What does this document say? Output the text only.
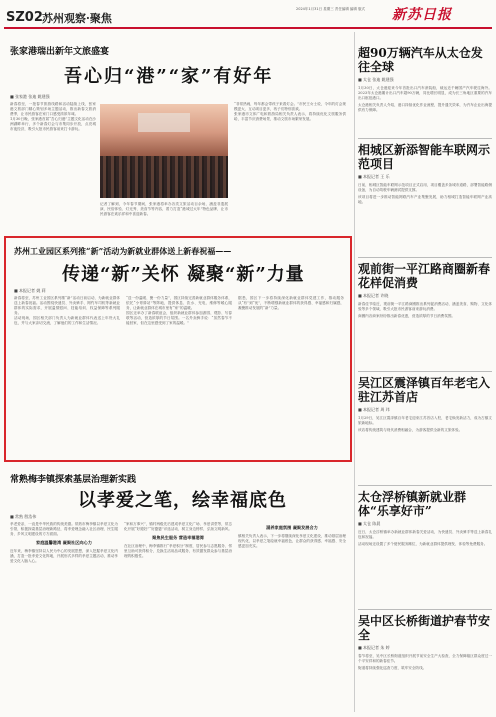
SZ02 苏州观察·聚焦
2024年1月31日 星期三 责任编辑 编辑 版式	新苏日报

张家港瑞出新年文旅盛宴

吾心归“港”“家”有好年

■ 张家港 张迪 姚建强

新春将至，一批春节旅游线路和活动陆续上线，张家港文旅部门精心策划多场主题活动，推出新春文旅消费季，让市民游客在家门口感受浓浓年味。

1月30日晚，张家港首届“吾心归港”主题文化活动在沙洲湖畔举行，多个新春灯会与市集同步开放，点亮城市夜经济，吸引大批市民游客前来打卡游玩。

记者了解到，今年春节期间，张家港将举办各类文旅活动百余场，涵盖非遗展演、民俗体验、灯光秀、美食节等内容，着力打造“港城过大年”特色品牌，让市民游客在欢乐祥和中喜迎新春。

“非常热闹，每年都会带孩子来看灯会。”市民王女士说，今年的灯会规模更大、互动项目更多，孩子们特别喜欢。

张家港市文体广电和旅游局相关负责人表示，将持续优化文旅服务供给，丰富节庆消费场景，推动文旅市场繁荣发展。

苏州工业园区系列推“新”活动为新就业群体送上新春祝福——

传递“新”关怀 凝聚“新”力量

■ 本报记者 姚 莉

新春将至，苏州工业园区系列推“新”活动日前启动，为新就业群体送上新春祝福。活动围绕快递员、外卖骑手、网约车司机等新就业群体的实际需求，开展温情慰问、技能培训、权益保障等系列服务。

活动现场，园区相关部门负责人为新就业群体代表送上年货大礼包，并与大家亲切交流，了解他们的工作和生活情况。

“送一份温暖、聚一份力量”，园区持续完善新就业群体服务体系，依托“小哥驿站”等阵地，提供休息、饮水、充电、维修等暖心服务，让新就业群体在城市里有“家”的温暖。

园区还举办了新春联谊会，组织新就业群体参加游园、观影、写春联等活动，营造浓厚的节日氛围。一名外卖骑手说：“虽然春节不能回家，但在这里感受到了家的温暖。”

据悉，园区下一步将持续深化新就业群体党建工作，推动服务从“有”到“优”，不断增强新就业群体的获得感、幸福感和归属感，凝聚推动发展的“新”力量。

常熟梅李镇探索基层治理新实践

以孝爱之笔，绘幸福底色

■ 常熟 殷浩伟

孝老爱亲，一直是中华民族的传统美德。常熟市梅李镇以孝爱文化为引领，积极探索基层治理新路径，将孝爱理念融入社区治理、民生服务、乡风文明建设的方方面面。

家庭温馨港湾 凝聚社区向心力

近年来，梅李镇坚持以人民为中心的发展思想，深入挖掘孝爱文化内涵，打造一批孝爱文化阵地，开展形式多样的孝爱主题活动，推动孝爱文化入脑入心。

“家和万事兴”，镇村两级先后建成孝爱文化广场、孝爱讲堂等，常态化开展“好媳妇”“好婆婆”评选活动，树立身边榜样，弘扬文明新风。

聚焦民生服务 营造幸福港湾

在社区治理中，梅李镇推行“孝爱积分”制度，居民参与志愿服务、邻里互助可获得积分，兑换生活用品或服务，有效激发群众参与基层治理的积极性。

涵养家庭氛围 凝聚发展合力

镇相关负责人表示，下一步将继续深化孝爱文化建设，推动基层治理现代化，以孝爱之笔绘就幸福底色，让群众的获得感、幸福感、安全感更加充实。

超90万辆汽车从太仓发往全球

■ 太仓 张迪 姚建强

1月30日，太仓港迎来今年首批出口汽车滚装船，载运近千辆国产汽车驶往海外。2023年太仓港累计出口汽车超90万辆，同比增长明显，成为长三角地区重要的汽车出口枢纽港口。

太仓港相关负责人介绍，港口持续优化作业流程，提升通关效率，为汽车企业出海提供有力保障。

相城区新添智能车联网示范项目

■ 本报记者 王 乐

日前，相城区智能车联网示范项目正式启用，项目覆盖多条城市道路，部署智能路侧设备，为自动驾驶车辆测试提供支撑。

该项目将进一步推动智能网联汽车产业集聚发展，助力相城打造智能车联网产业高地。

观前街一平江路商圈新春花样促消费

■ 本报记者 许晓

新春佳节临近，观前街一平江路商圈推出系列促消费活动，涵盖美食、购物、文化体验等多个领域，吸引大批市民游客前来游玩消费。

商圈内各商家纷纷推出新春优惠，营造浓厚的节日消费氛围。

吴江区震泽镇百年老宅入驻江苏首店

■ 本报记者 周 玮

1月29日，吴江区震泽镇百年老宅迎来江苏首店入驻，老宅焕发新活力，成为古镇文旅新地标。

该店将传统建筑与现代消费相融合，为游客提供全新的文旅体验。

太仓浮桥镇新就业群体“乐享好市”

■ 太仓 陈晨

近日，太仓浮桥镇举办新就业群体新春关爱活动，为快递员、外卖骑手等送上新春礼包和祝福。

活动现场还设置了多个便民服务摊位，为新就业群体提供理发、体检等免费服务。

吴中区长桥街道护春节安全

■ 本报记者 朱 婷

春节将至，吴中区长桥街道组织开展节前安全生产大检查，全力保障辖区群众度过一个平安祥和的新春佳节。

街道将持续强化巡查力度，筑牢安全防线。
